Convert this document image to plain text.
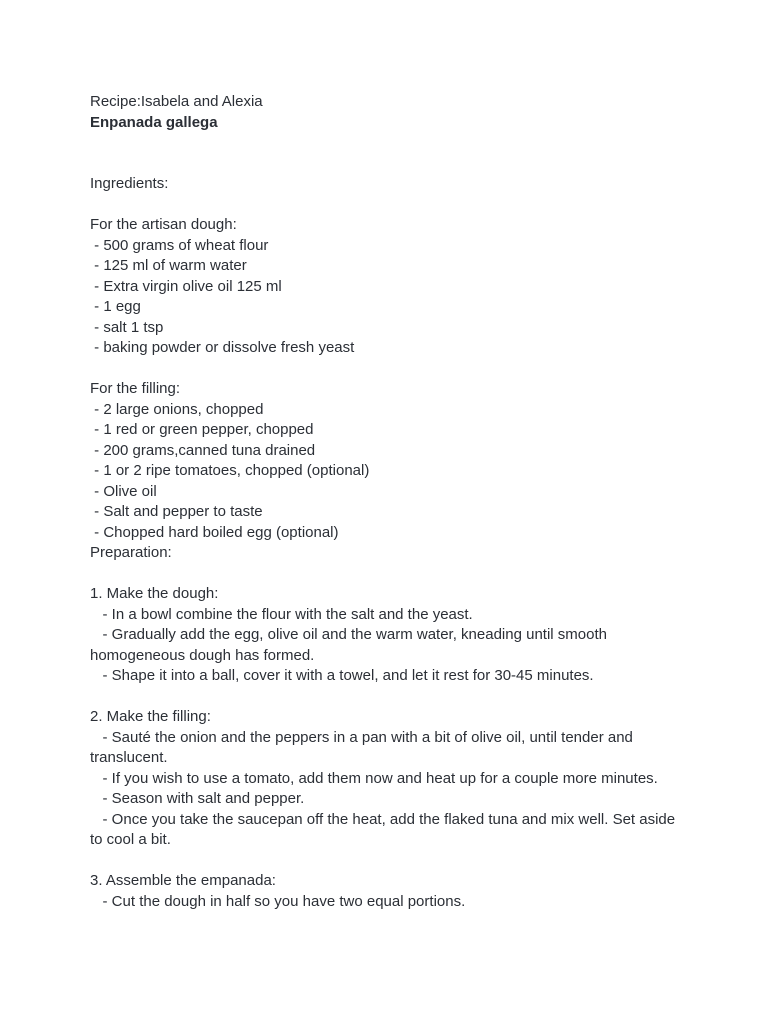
Recipe:Isabela and Alexia
Enpanada gallega
Ingredients:
For the artisan dough:
- 500 grams of wheat flour
- 125 ml of warm water
- Extra virgin olive oil 125 ml
- 1 egg
- salt 1 tsp
- baking powder or dissolve fresh yeast
For the filling:
- 2 large onions, chopped
- 1 red or green pepper, chopped
- 200 grams,canned tuna drained
- 1 or 2 ripe tomatoes, chopped (optional)
- Olive oil
- Salt and pepper to taste
- Chopped hard boiled egg (optional)
Preparation:
1. Make the dough:
- In a bowl combine the flour with the salt and the yeast.
- Gradually add the egg, olive oil and the warm water, kneading until smooth homogeneous dough has formed.
- Shape it into a ball, cover it with a towel, and let it rest for 30-45 minutes.
2. Make the filling:
- Sauté the onion and the peppers in a pan with a bit of olive oil, until tender and translucent.
- If you wish to use a tomato, add them now and heat up for a couple more minutes.
- Season with salt and pepper.
- Once you take the saucepan off the heat, add the flaked tuna and mix well. Set aside to cool a bit.
3. Assemble the empanada:
- Cut the dough in half so you have two equal portions.
